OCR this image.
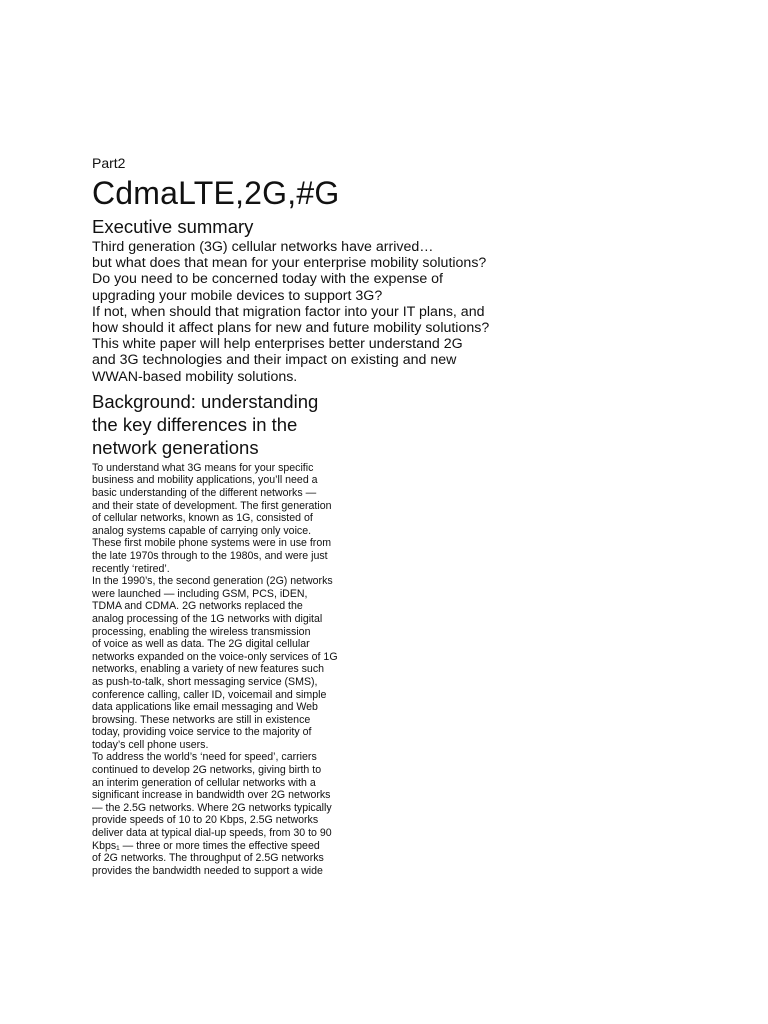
Part2

CdmaLTE,2G,#G
Executive summary

Third generation (3G) cellular networks have arrived…

but what does that mean for your enterprise mobility solutions?

Do you need to be concerned today with the expense of

upgrading your mobile devices to support 3G?

If not, when should that migration factor into your IT plans, and

how should it affect plans for new and future mobility solutions?

This white paper will help enterprises better understand 2G

and 3G technologies and their impact on existing and new

WWAN-based mobility solutions.

Background: understanding
the key differences in the
network generations

To understand what 3G means for your specific

business and mobility applications, you’ll need a

basic understanding of the different networks —

and their state of development. The first generation

of cellular networks, known as 1G, consisted of

analog systems capable of carrying only voice.

These first mobile phone systems were in use from

the late 1970s through to the 1980s, and were just

recently ‘retired’.

In the 1990’s, the second generation (2G) networks

were launched — including GSM, PCS, iDEN,

TDMA and CDMA. 2G networks replaced the

analog processing of the 1G networks with digital

processing, enabling the wireless transmission

of voice as well as data. The 2G digital cellular

networks expanded on the voice-only services of 1G

networks, enabling a variety of new features such

as push-to-talk, short messaging service (SMS),

conference calling, caller ID, voicemail and simple

data applications like email messaging and Web

browsing. These networks are still in existence

today, providing voice service to the majority of

today’s cell phone users.

To address the world’s ‘need for speed’, carriers

continued to develop 2G networks, giving birth to

an interim generation of cellular networks with a

significant increase in bandwidth over 2G networks

— the 2.5G networks. Where 2G networks typically

provide speeds of 10 to 20 Kbps, 2.5G networks

deliver data at typical dial-up speeds, from 30 to 90

Kbps₁ — three or more times the effective speed

of 2G networks. The throughput of 2.5G networks

provides the bandwidth needed to support a wide
